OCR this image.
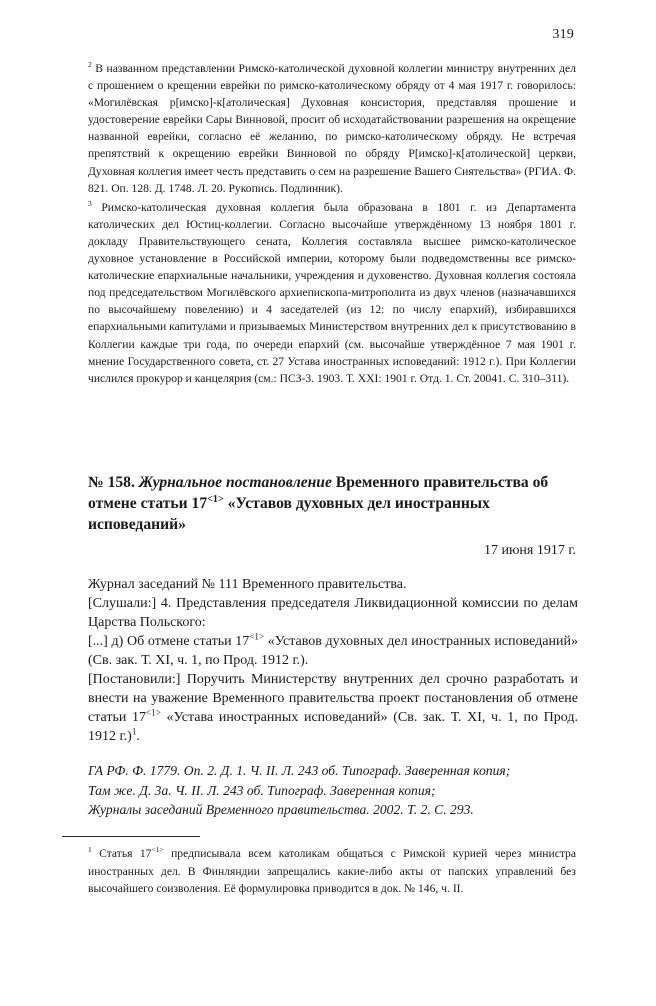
319

$^2$ В названном представлении Римско-католической духовной коллегии министру внутренних дел с прошением о крещении еврейки по римско-католическому обряду от 4 мая 1917 г. говорилось: «Могилёвская р[имско]-к[атолическая] Духовная консистория, представляя прошение и удостоверение еврейки Сары Винновой, просит об исходатайствовании разрешения на окрещение названной еврейки, согласно её желанию, по римско-католическому обряду. Не встречая препятствий к окрещению еврейки Винновой по обряду Р[имско]-к[атолической] церкви, Духовная коллегия имеет честь представить о сем на разрешение Вашего Сиятельства» (РГИА. Ф. 821. Оп. 128. Д. 1748. Л. 20. Рукопись. Подлинник).

$^3$ Римско-католическая духовная коллегия была образована в 1801 г. из Департамента католических дел Юстиц-коллегии. Согласно высочайше утверждённому 13 ноября 1801 г. докладу Правительствующего сената, Коллегия составляла высшее римско-католическое духовное установление в Российской империи, которому были подведомственны все римско-католические епархиальные начальники, учреждения и духовенство. Духовная коллегия состояла под председательством Могилёвского архиепископа-митрополита из двух членов (назначавшихся по высочайшему повелению) и 4 заседателей (из 12: по числу епархий), избиравшихся епархиальными капитулами и призываемых Министерством внутренних дел к присутствованию в Коллегии каждые три года, по очереди епархий (см. высочайше утверждённое 7 мая 1901 г. мнение Государственного совета, ст. 27 Устава иностранных исповеданий: 1912 г.). При Коллегии числился прокурор и канцелярия (см.: ПСЗ-3. 1903. Т. XXI: 1901 г. Отд. 1. Ст. 20041. С. 310–311).

№ 158. Журнальное постановление Временного правительства об отмене статьи $17^{<1>}$ «Уставов духовных дел иностранных исповеданий»
17 июня 1917 г.

Журнал заседаний № 111 Временного правительства.

[Слушали:] 4. Представления председателя Ликвидационной комиссии по делам Царства Польского:

[...] д) Об отмене статьи $17^{<1>}$ «Уставов духовных дел иностранных исповеданий» (Св. зак. Т. XI, ч. 1, по Прод. 1912 г.).

[Постановили:] Поручить Министерству внутренних дел срочно разработать и внести на уважение Временного правительства проект постановления об отмене статьи $17^{<1>}$ «Устава иностранных исповеданий» (Св. зак. Т. XI, ч. 1, по Прод. 1912 г.)$^1$.

ГА РФ. Ф. 1779. Оп. 2. Д. 1. Ч. II. Л. 243 об. Типограф. Заверенная копия;
Там же. Д. 3а. Ч. II. Л. 243 об. Типограф. Заверенная копия;
Журналы заседаний Временного правительства. 2002. Т. 2. С. 293.

$^1$ Статья $17^{<1>}$ предписывала всем католикам общаться с Римской курией через министра иностранных дел. В Финляндии запрещались какие-либо акты от папских управлений без высочайшего соизволения. Её формулировка приводится в док. № 146, ч. II.
